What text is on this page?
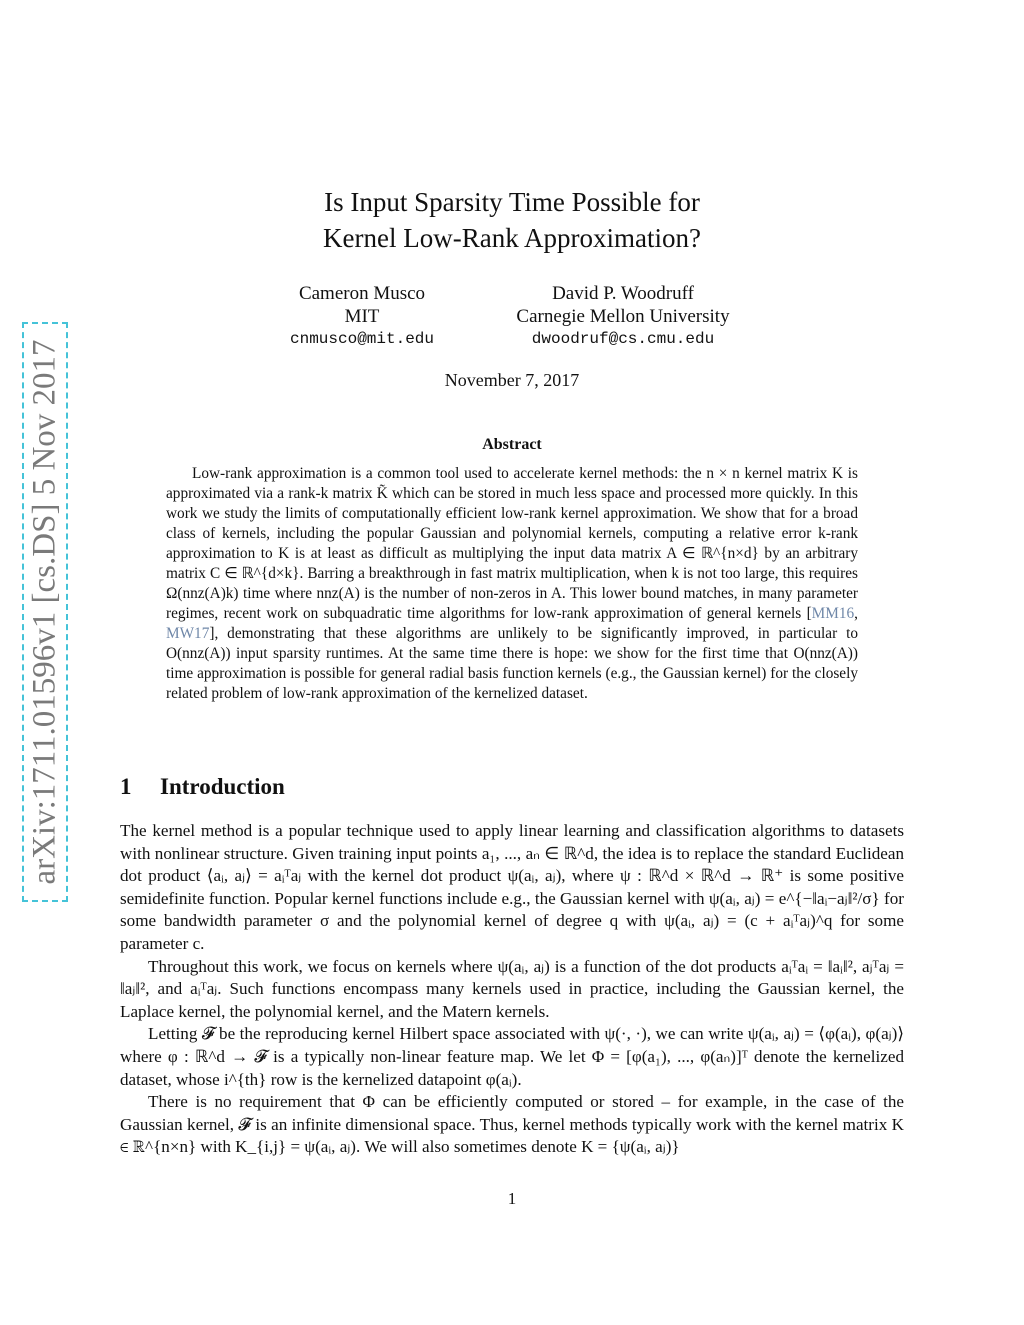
arXiv:1711.01596v1 [cs.DS] 5 Nov 2017
Is Input Sparsity Time Possible for
Kernel Low-Rank Approximation?
Cameron Musco
MIT
cnmusco@mit.edu
David P. Woodruff
Carnegie Mellon University
dwoodruf@cs.cmu.edu
November 7, 2017
Abstract

Low-rank approximation is a common tool used to accelerate kernel methods: the n × n kernel matrix K is approximated via a rank-k matrix K̃ which can be stored in much less space and processed more quickly. In this work we study the limits of computationally efficient low-rank kernel approximation. We show that for a broad class of kernels, including the popular Gaussian and polynomial kernels, computing a relative error k-rank approximation to K is at least as difficult as multiplying the input data matrix A ∈ ℝ^{n×d} by an arbitrary matrix C ∈ ℝ^{d×k}. Barring a breakthrough in fast matrix multiplication, when k is not too large, this requires Ω(nnz(A)k) time where nnz(A) is the number of non-zeros in A. This lower bound matches, in many parameter regimes, recent work on subquadratic time algorithms for low-rank approximation of general kernels [MM16, MW17], demonstrating that these algorithms are unlikely to be significantly improved, in particular to O(nnz(A)) input sparsity runtimes. At the same time there is hope: we show for the first time that O(nnz(A)) time approximation is possible for general radial basis function kernels (e.g., the Gaussian kernel) for the closely related problem of low-rank approximation of the kernelized dataset.

1 Introduction

The kernel method is a popular technique used to apply linear learning and classification algorithms to datasets with nonlinear structure. Given training input points a₁, ..., aₙ ∈ ℝ^d, the idea is to replace the standard Euclidean dot product ⟨aᵢ, aⱼ⟩ = aᵢᵀaⱼ with the kernel dot product ψ(aᵢ, aⱼ), where ψ : ℝ^d × ℝ^d → ℝ⁺ is some positive semidefinite function. Popular kernel functions include e.g., the Gaussian kernel with ψ(aᵢ, aⱼ) = e^{−‖aᵢ−aⱼ‖²/σ} for some bandwidth parameter σ and the polynomial kernel of degree q with ψ(aᵢ, aⱼ) = (c + aᵢᵀaⱼ)^q for some parameter c.

Throughout this work, we focus on kernels where ψ(aᵢ, aⱼ) is a function of the dot products aᵢᵀaᵢ = ‖aᵢ‖², aⱼᵀaⱼ = ‖aⱼ‖², and aᵢᵀaⱼ. Such functions encompass many kernels used in practice, including the Gaussian kernel, the Laplace kernel, the polynomial kernel, and the Matern kernels.

Letting 𝓕 be the reproducing kernel Hilbert space associated with ψ(·, ·), we can write ψ(aᵢ, aⱼ) = ⟨φ(aᵢ), φ(aⱼ)⟩ where φ : ℝ^d → 𝓕 is a typically non-linear feature map. We let Φ = [φ(a₁), ..., φ(aₙ)]ᵀ denote the kernelized dataset, whose i^{th} row is the kernelized datapoint φ(aᵢ).

There is no requirement that Φ can be efficiently computed or stored – for example, in the case of the Gaussian kernel, 𝓕 is an infinite dimensional space. Thus, kernel methods typically work with the kernel matrix K ∈ ℝ^{n×n} with K_{i,j} = ψ(aᵢ, aⱼ). We will also sometimes denote K = {ψ(aᵢ, aⱼ)}

1
